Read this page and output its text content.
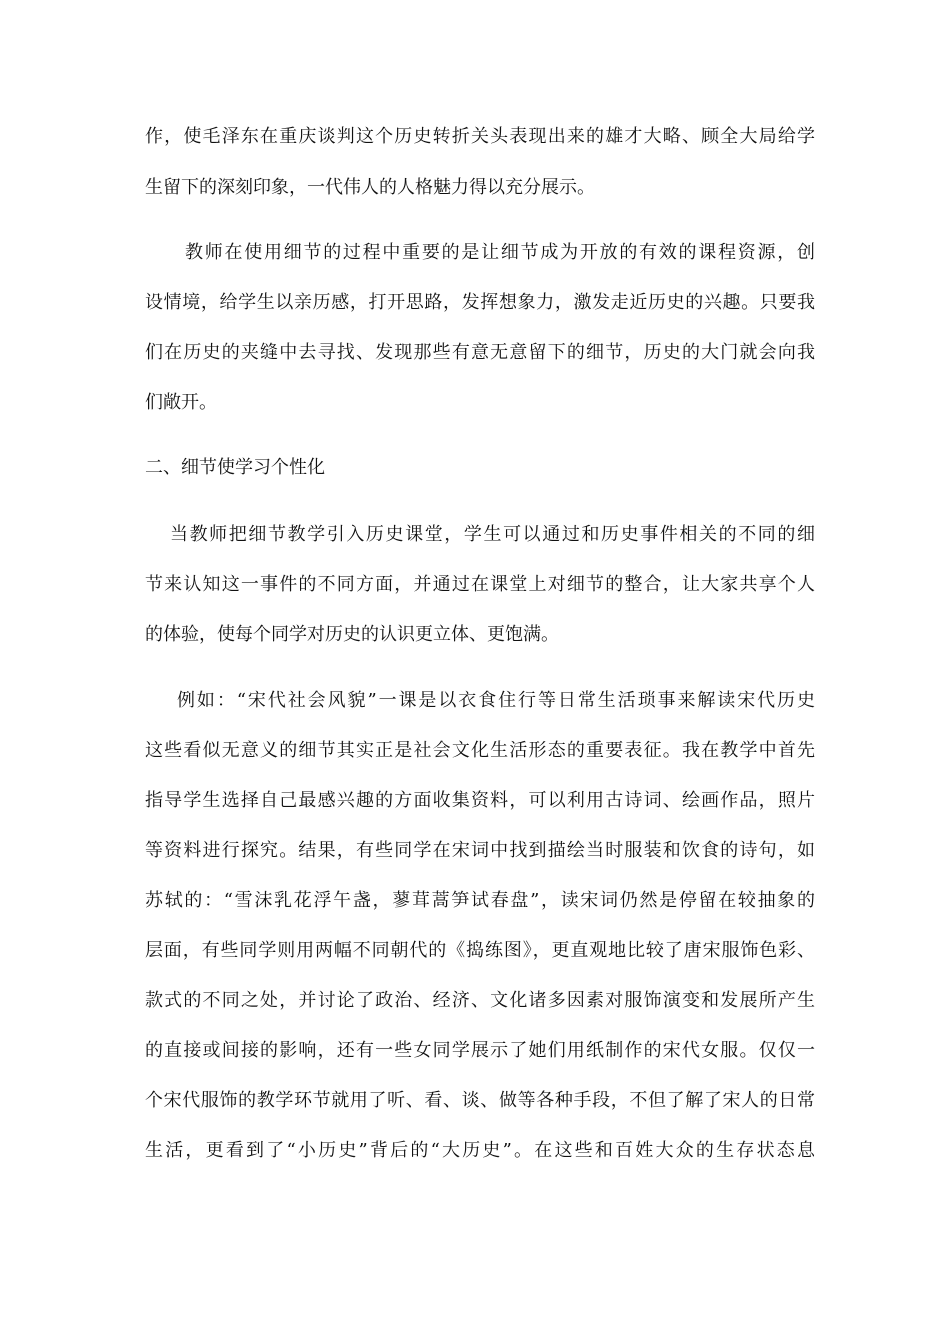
作，使毛泽东在重庆谈判这个历史转折关头表现出来的雄才大略、顾全大局给学
生留下的深刻印象，一代伟人的人格魅力得以充分展示。
教师在使用细节的过程中重要的是让细节成为开放的有效的课程资源，创
设情境，给学生以亲历感，打开思路，发挥想象力，激发走近历史的兴趣。只要我
们在历史的夹缝中去寻找、发现那些有意无意留下的细节，历史的大门就会向我
们敞开。
二、细节使学习个性化
当教师把细节教学引入历史课堂，学生可以通过和历史事件相关的不同的细
节来认知这一事件的不同方面，并通过在课堂上对细节的整合，让大家共享个人
的体验，使每个同学对历史的认识更立体、更饱满。
例如：“宋代社会风貌”一课是以衣食住行等日常生活琐事来解读宋代历史
这些看似无意义的细节其实正是社会文化生活形态的重要表征。我在教学中首先
指导学生选择自己最感兴趣的方面收集资料，可以利用古诗词、绘画作品，照片
等资料进行探究。结果，有些同学在宋词中找到描绘当时服装和饮食的诗句，如
苏轼的：“雪沫乳花浮午盏，蓼茸蒿笋试春盘”，读宋词仍然是停留在较抽象的
层面，有些同学则用两幅不同朝代的《捣练图》，更直观地比较了唐宋服饰色彩、
款式的不同之处，并讨论了政治、经济、文化诸多因素对服饰演变和发展所产生
的直接或间接的影响，还有一些女同学展示了她们用纸制作的宋代女服。仅仅一
个宋代服饰的教学环节就用了听、看、谈、做等各种手段，不但了解了宋人的日常
生活，更看到了“小历史”背后的“大历史”。在这些和百姓大众的生存状态息
